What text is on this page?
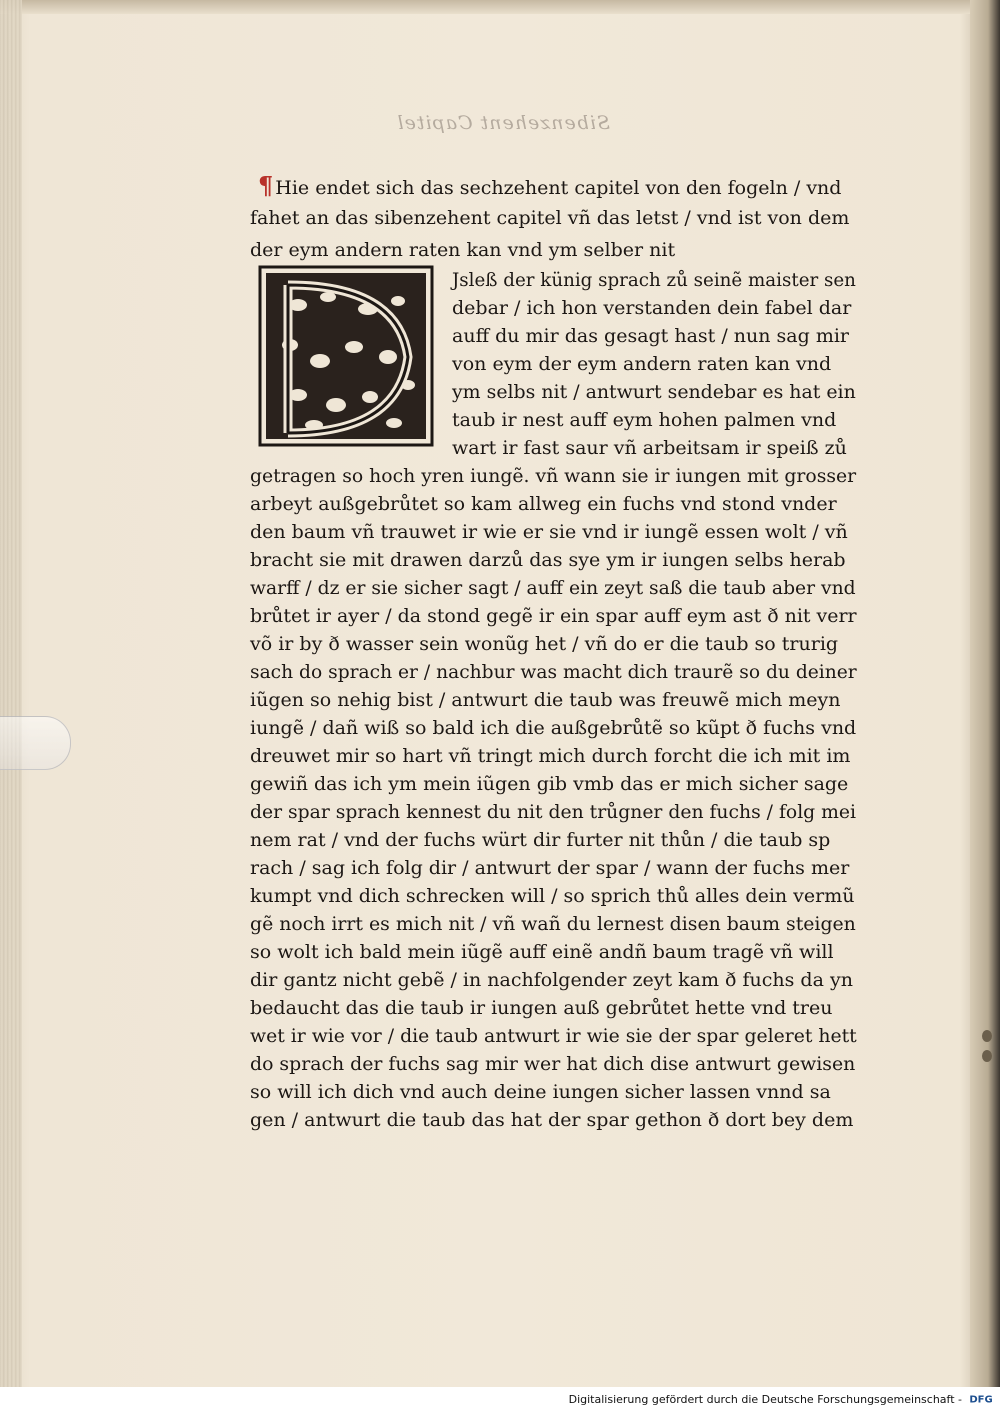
Sibenzehent Capitel
¶ Hie endet sich das sechzehent capitel von den fogeln / vnd
fahet an das sibenzehent capitel vñ das letst / vnd ist von dem
der eym andern raten kan vnd ym selber nit
Jsleß der künig sprach zů seinẽ maister sen
debar / ich hon verstanden dein fabel dar
auff du mir das gesagt hast / nun sag mir
von eym der eym andern raten kan vnd
ym selbs nit / antwurt sendebar es hat ein
taub ir nest auff eym hohen palmen vnd
wart ir fast saur vñ arbeitsam ir speiß zů
getragen so hoch yren iungẽ. vñ wann sie ir iungen mit grosser
arbeyt außgebrůtet so kam allweg ein fuchs vnd stond vnder
den baum vñ trauwet ir wie er sie vnd ir iungẽ essen wolt / vñ
bracht sie mit drawen darzů das sye ym ir iungen selbs herab
warff / dz er sie sicher sagt / auff ein zeyt saß die taub aber vnd
brůtet ir ayer / da stond gegẽ ir ein spar auff eym ast ð nit verr
võ ir by ð wasser sein wonũg het / vñ do er die taub so trurig
sach do sprach er / nachbur was macht dich traurẽ so du deiner
iũgen so nehig bist / antwurt die taub was freuwẽ mich meyn
iungẽ / dañ wiß so bald ich die außgebrůtẽ so kũpt ð fuchs vnd
dreuwet mir so hart vñ tringt mich durch forcht die ich mit im
gewiñ das ich ym mein iũgen gib vmb das er mich sicher sage
der spar sprach kennest du nit den trůgner den fuchs / folg mei
nem rat / vnd der fuchs würt dir furter nit thůn / die taub sp
rach / sag ich folg dir / antwurt der spar / wann der fuchs mer
kumpt vnd dich schrecken will / so sprich thů alles dein vermũ
gẽ noch irrt es mich nit / vñ wañ du lernest disen baum steigen
so wolt ich bald mein iũgẽ auff einẽ andñ baum tragẽ vñ will
dir gantz nicht gebẽ / in nachfolgender zeyt kam ð fuchs da yn
bedaucht das die taub ir iungen auß gebrůtet hette vnd treu
wet ir wie vor / die taub antwurt ir wie sie der spar geleret hett
do sprach der fuchs sag mir wer hat dich dise antwurt gewisen
so will ich dich vnd auch deine iungen sicher lassen vnnd sa
gen / antwurt die taub das hat der spar gethon ð dort bey dem
Digitalisierung gefördert durch die Deutsche Forschungsgemeinschaft - DFG
